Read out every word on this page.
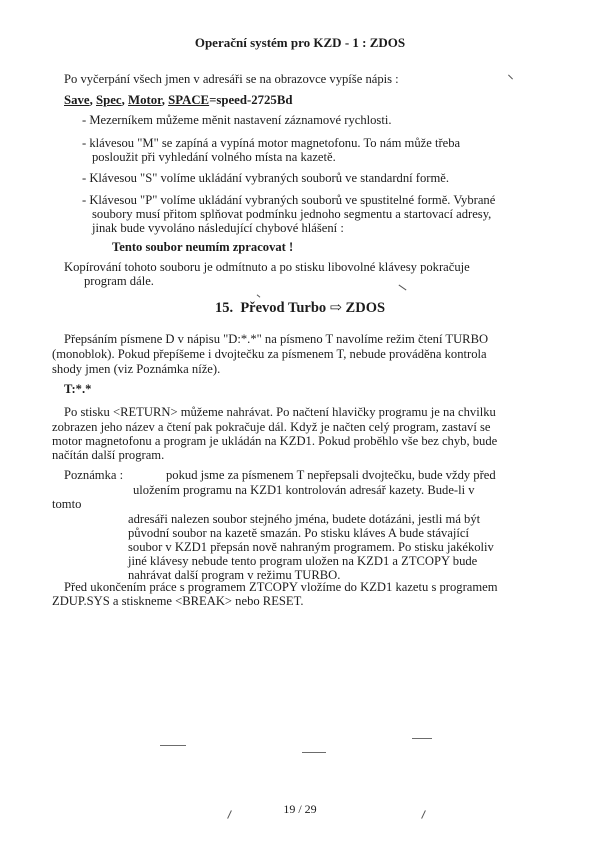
Operační systém pro KZD - 1 : ZDOS
Po vyčerpání všech jmen v adresáři se na obrazovce vypíše nápis :
Save, Spec, Motor, SPACE=speed-2725Bd
- Mezerníkem můžeme měnit nastavení záznamové rychlosti.
- klávesou "M" se zapíná a vypíná motor magnetofonu. To nám může třeba
posloužit při vyhledání volného místa na kazetě.
- Klávesou "S" volíme ukládání vybraných souborů ve standardní formě.
- Klávesou "P" volíme ukládání vybraných souborů ve spustitelné formě. Vybrané
soubory musí přitom splňovat podmínku jednoho segmentu a startovací adresy,
jinak bude vyvoláno následující chybové hlášení :
Tento soubor neumím zpracovat !
Kopírování tohoto souboru je odmítnuto a po stisku libovolné klávesy pokračuje
program dále.
15. Převod Turbo ⇨ ZDOS
Přepsáním písmene D v nápisu "D:*.*" na písmeno T navolíme režim čtení TURBO
(monoblok). Pokud přepíšeme i dvojtečku za písmenem T, nebude prováděna kontrola
shody jmen (viz Poznámka níže).
T:*.*
Po stisku <RETURN> můžeme nahrávat. Po načtení hlavičky programu je na chvilku
zobrazen jeho název a čtení pak pokračuje dál. Když je načten celý program, zastaví se
motor magnetofonu a program je ukládán na KZD1. Pokud proběhlo vše bez chyb, bude
načítán další program.
Poznámka :	pokud jsme za písmenem T nepřepsali dvojtečku, bude vždy před
uložením programu na KZD1 kontrolován adresář kazety. Bude-li v
tomto
adresáři nalezen soubor stejného jména, budete dotázáni, jestli má být
původní soubor na kazetě smazán. Po stisku kláves A bude stávající
soubor v KZD1 přepsán nově nahraným programem. Po stisku jakékoliv
jiné klávesy nebude tento program uložen na KZD1 a ZTCOPY bude
nahrávat další program v režimu TURBO.
Před ukončením práce s programem ZTCOPY vložíme do KZD1 kazetu s programem
ZDUP.SYS a stiskneme <BREAK> nebo RESET.
19 / 29
